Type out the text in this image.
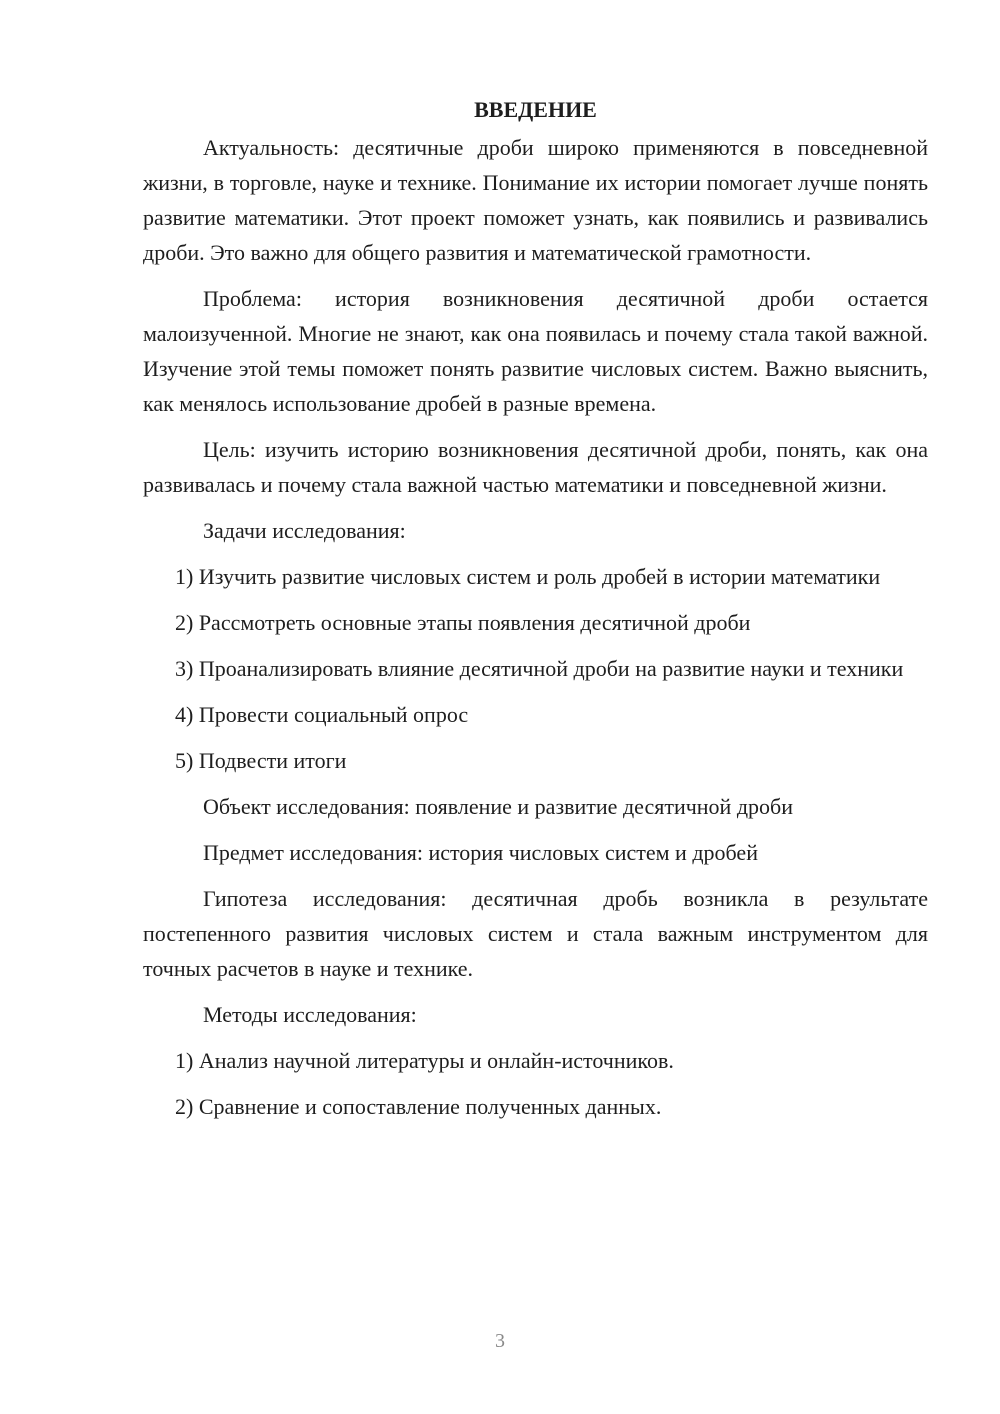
ВВЕДЕНИЕ
Актуальность: десятичные дроби широко применяются в повседневной жизни, в торговле, науке и технике. Понимание их истории помогает лучше понять развитие математики. Этот проект поможет узнать, как появились и развивались дроби. Это важно для общего развития и математической грамотности.
Проблема: история возникновения десятичной дроби остается малоизученной. Многие не знают, как она появилась и почему стала такой важной. Изучение этой темы поможет понять развитие числовых систем. Важно выяснить, как менялось использование дробей в разные времена.
Цель: изучить историю возникновения десятичной дроби, понять, как она развивалась и почему стала важной частью математики и повседневной жизни.
Задачи исследования:
1) Изучить развитие числовых систем и роль дробей в истории математики
2) Рассмотреть основные этапы появления десятичной дроби
3) Проанализировать влияние десятичной дроби на развитие науки и техники
4) Провести социальный опрос
5) Подвести итоги
Объект исследования: появление и развитие десятичной дроби
Предмет исследования: история числовых систем и дробей
Гипотеза исследования: десятичная дробь возникла в результате постепенного развития числовых систем и стала важным инструментом для точных расчетов в науке и технике.
Методы исследования:
1) Анализ научной литературы и онлайн-источников.
2) Сравнение и сопоставление полученных данных.
3
